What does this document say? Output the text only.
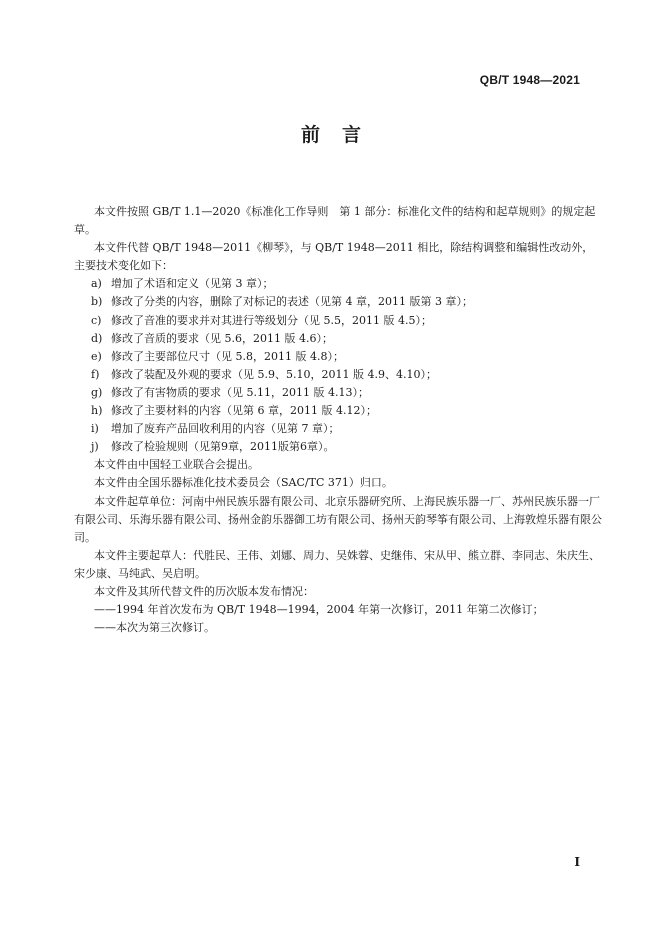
QB/T 1948—2021
前言

本文件按照 GB/T 1.1—2020《标准化工作导则　第 1 部分：标准化文件的结构和起草规则》的规定起草。

本文件代替 QB/T 1948—2011《柳琴》，与 QB/T 1948—2011 相比，除结构调整和编辑性改动外，主要技术变化如下：

a) 增加了术语和定义（见第 3 章）；
b) 修改了分类的内容，删除了对标记的表述（见第 4 章，2011 版第 3 章）；
c) 修改了音准的要求并对其进行等级划分（见 5.5，2011 版 4.5）；
d) 修改了音质的要求（见 5.6，2011 版 4.6）；
e) 修改了主要部位尺寸（见 5.8，2011 版 4.8）；
f)	修改了装配及外观的要求（见 5.9、5.10，2011 版 4.9、4.10）；
g) 修改了有害物质的要求（见 5.11，2011 版 4.13）；
h) 修改了主要材料的内容（见第 6 章，2011 版 4.12）；
i)	增加了废弃产品回收利用的内容（见第 7 章）；
j)	修改了检验规则（见第9章，2011版第6章）。

本文件由中国轻工业联合会提出。

本文件由全国乐器标准化技术委员会（SAC/TC 371）归口。

本文件起草单位：河南中州民族乐器有限公司、北京乐器研究所、上海民族乐器一厂、苏州民族乐器一厂有限公司、乐海乐器有限公司、扬州金韵乐器御工坊有限公司、扬州天韵琴筝有限公司、上海敦煌乐器有限公司。

本文件主要起草人：代胜民、王伟、刘娜、周力、吴姝蓉、史继伟、宋从甲、熊立群、李同志、朱庆生、宋少康、马纯武、吴启明。

本文件及其所代替文件的历次版本发布情况：

——1994 年首次发布为 QB/T 1948—1994，2004 年第一次修订，2011 年第二次修订；

——本次为第三次修订。

I
